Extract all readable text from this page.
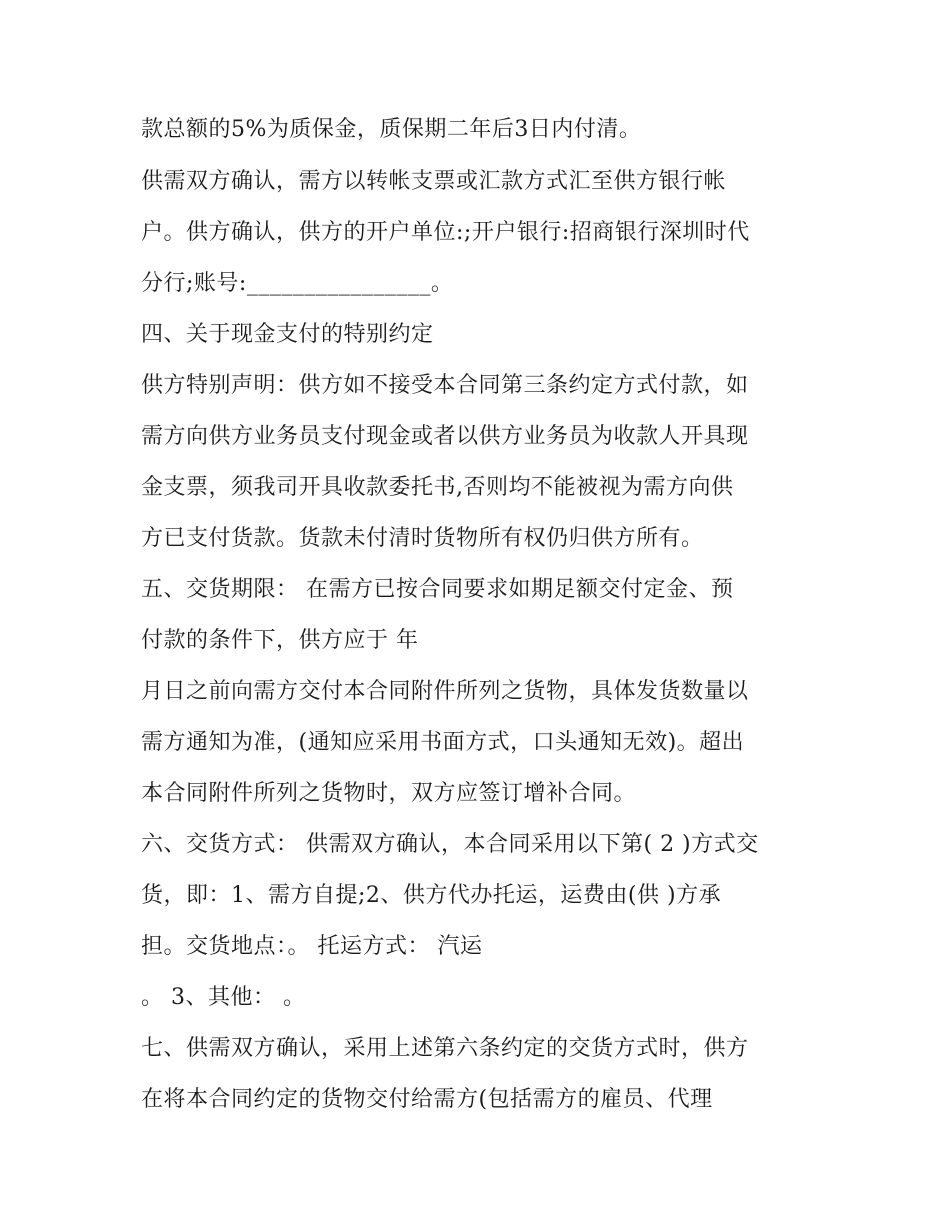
款总额的5%为质保金，质保期二年后3日内付清。
供需双方确认，需方以转帐支票或汇款方式汇至供方银行帐
户。供方确认，供方的开户单位:;开户银行:招商银行深圳时代
分行;账号:________________。
四、关于现金支付的特别约定
供方特别声明：供方如不接受本合同第三条约定方式付款，如
需方向供方业务员支付现金或者以供方业务员为收款人开具现
金支票，须我司开具收款委托书,否则均不能被视为需方向供
方已支付货款。货款未付清时货物所有权仍归供方所有。
五、交货期限： 在需方已按合同要求如期足额交付定金、预
付款的条件下，供方应于 年
月日之前向需方交付本合同附件所列之货物，具体发货数量以
需方通知为准，(通知应采用书面方式，口头通知无效)。超出
本合同附件所列之货物时，双方应签订增补合同。
六、交货方式： 供需双方确认，本合同采用以下第( 2 )方式交
货，即：1、需方自提;2、供方代办托运，运费由(供 )方承
担。交货地点：。 托运方式： 汽运
。 3、其他： 。
七、供需双方确认，采用上述第六条约定的交货方式时，供方
在将本合同约定的货物交付给需方(包括需方的雇员、代理
